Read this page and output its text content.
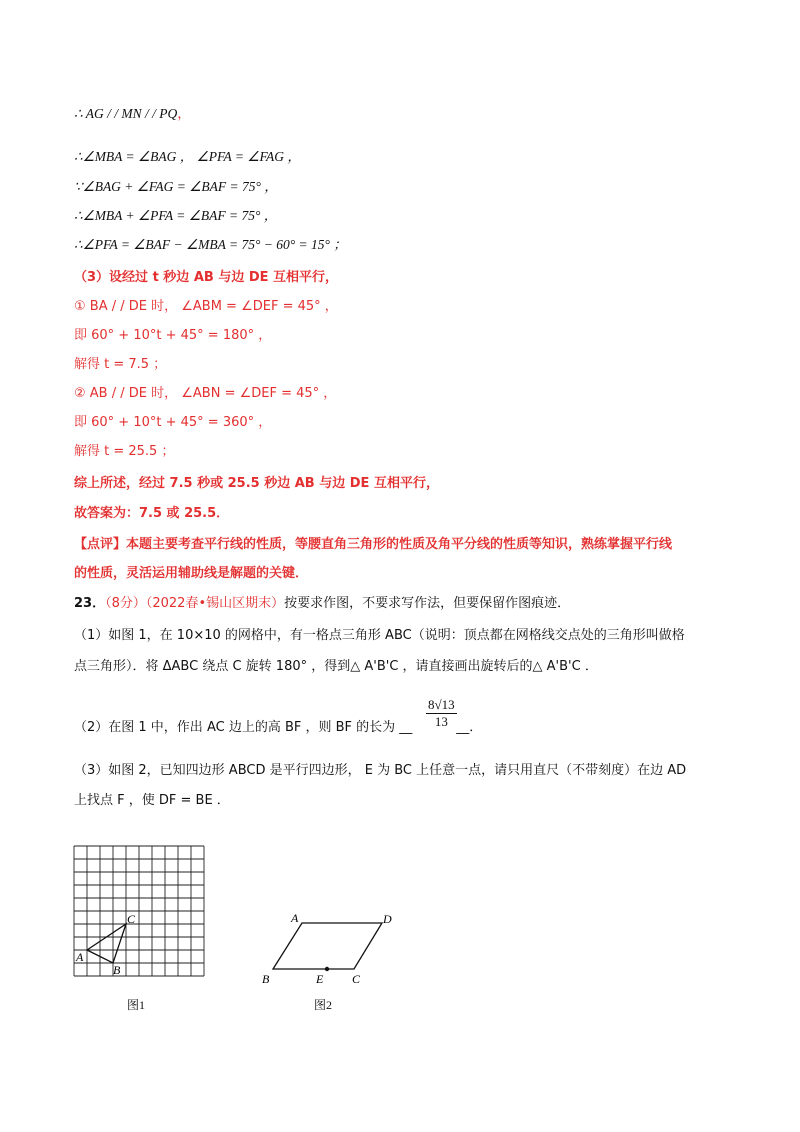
∴ AG / / MN / / PQ，
∴∠MBA = ∠BAG ， ∠PFA = ∠FAG ，
∵∠BAG + ∠FAG = ∠BAF = 75° ，
∴∠MBA + ∠PFA = ∠BAF = 75° ，
∴∠PFA = ∠BAF − ∠MBA = 75° − 60° = 15° ；
（3）设经过 t 秒边 AB 与边 DE 互相平行，
① BA / / DE 时， ∠ABM = ∠DEF = 45° ，
即 60° + 10°t + 45° = 180° ，
解得 t = 7.5 ；
② AB / / DE 时， ∠ABN = ∠DEF = 45° ，
即 60° + 10°t + 45° = 360° ，
解得 t = 25.5 ；
综上所述，经过 7.5 秒或 25.5 秒边 AB 与边 DE 互相平行，
故答案为：7.5 或 25.5．
【点评】本题主要考查平行线的性质，等腰直角三角形的性质及角平分线的性质等知识，熟练掌握平行线
的性质，灵活运用辅助线是解题的关键．
23．（8分）（2022春•锡山区期末）按要求作图，不要求写作法，但要保留作图痕迹．
（1）如图 1，在 10×10 的网格中，有一格点三角形 ABC（说明：顶点都在网格线交点处的三角形叫做格
点三角形）．将 ΔABC 绕点 C 旋转 180° ，得到△ A'B'C ，请直接画出旋转后的△ A'B'C ．
（2）在图 1 中，作出 AC 边上的高 BF ，则 BF 的长为 __	__．
$\frac{8√13}{13}$
（3）如图 2，已知四边形 ABCD 是平行四边形， E 为 BC 上任意一点，请只用直尺（不带刻度）在边 AD
上找点 F ，使 DF = BE ．
A
B
C
图1
A	D
B	E C
图2
